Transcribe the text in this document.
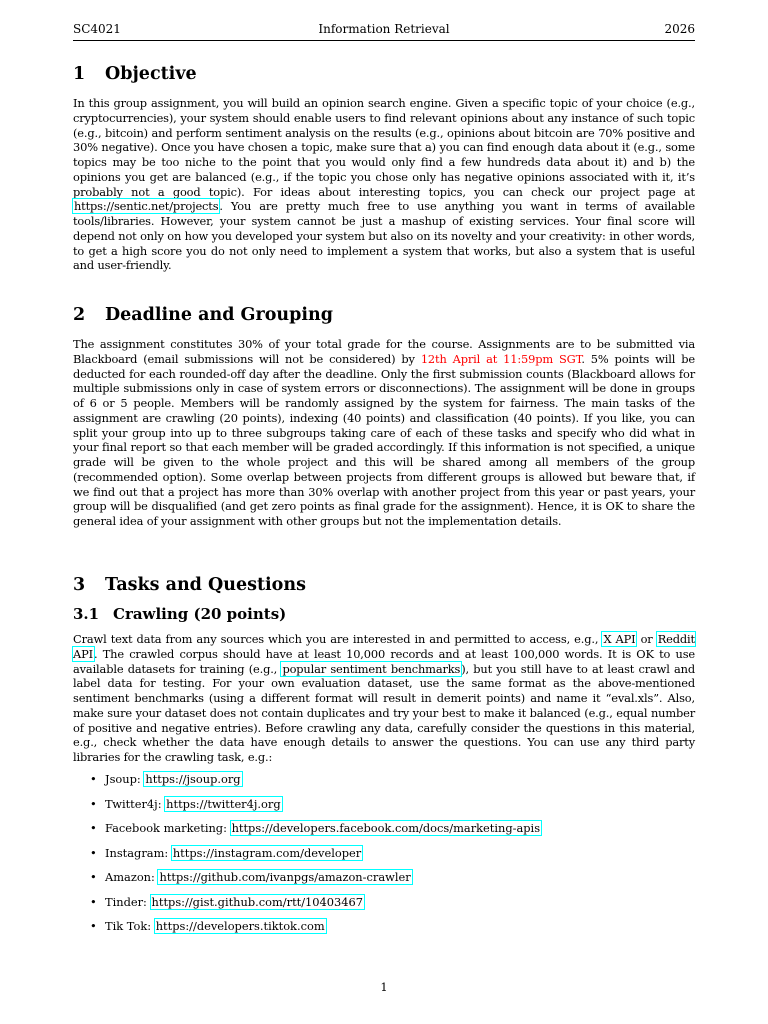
SC4021	Information Retrieval	2026
1 Objective

In this group assignment, you will build an opinion search engine. Given a specific topic of your choice (e.g., cryptocurrencies), your system should enable users to find relevant opinions about any instance of such topic (e.g., bitcoin) and perform sentiment analysis on the results (e.g., opinions about bitcoin are 70% positive and 30% negative). Once you have chosen a topic, make sure that a) you can find enough data about it (e.g., some topics may be too niche to the point that you would only find a few hundreds data about it) and b) the opinions you get are balanced (e.g., if the topic you chose only has negative opinions associated with it, it’s probably not a good topic). For ideas about interesting topics, you can check our project page at https://sentic.net/projects. You are pretty much free to use anything you want in terms of available tools/libraries. However, your system cannot be just a mashup of existing services. Your final score will depend not only on how you developed your system but also on its novelty and your creativity: in other words, to get a high score you do not only need to implement a system that works, but also a system that is useful and user-friendly.

2 Deadline and Grouping

The assignment constitutes 30% of your total grade for the course. Assignments are to be submitted via Blackboard (email submissions will not be considered) by 12th April at 11:59pm SGT. 5% points will be deducted for each rounded-off day after the deadline. Only the first submission counts (Blackboard allows for multiple submissions only in case of system errors or disconnections). The assignment will be done in groups of 6 or 5 people. Members will be randomly assigned by the system for fairness. The main tasks of the assignment are crawling (20 points), indexing (40 points) and classification (40 points). If you like, you can split your group into up to three subgroups taking care of each of these tasks and specify who did what in your final report so that each member will be graded accordingly. If this information is not specified, a unique grade will be given to the whole project and this will be shared among all members of the group (recommended option). Some overlap between projects from different groups is allowed but beware that, if we find out that a project has more than 30% overlap with another project from this year or past years, your group will be disqualified (and get zero points as final grade for the assignment). Hence, it is OK to share the general idea of your assignment with other groups but not the implementation details.

3 Tasks and Questions
3.1 Crawling (20 points)

Crawl text data from any sources which you are interested in and permitted to access, e.g., X API or Reddit API. The crawled corpus should have at least 10,000 records and at least 100,000 words. It is OK to use available datasets for training (e.g., popular sentiment benchmarks), but you still have to at least crawl and label data for testing. For your own evaluation dataset, use the same format as the above-mentioned sentiment benchmarks (using a different format will result in demerit points) and name it “eval.xls”. Also, make sure your dataset does not contain duplicates and try your best to make it balanced (e.g., equal number of positive and negative entries). Before crawling any data, carefully consider the questions in this material, e.g., check whether the data have enough details to answer the questions. You can use any third party libraries for the crawling task, e.g.:

• Jsoup: https://jsoup.org
• Twitter4j: https://twitter4j.org
• Facebook marketing: https://developers.facebook.com/docs/marketing-apis
• Instagram: https://instagram.com/developer
• Amazon: https://github.com/ivanpgs/amazon-crawler
• Tinder: https://gist.github.com/rtt/10403467
• Tik Tok: https://developers.tiktok.com
1
